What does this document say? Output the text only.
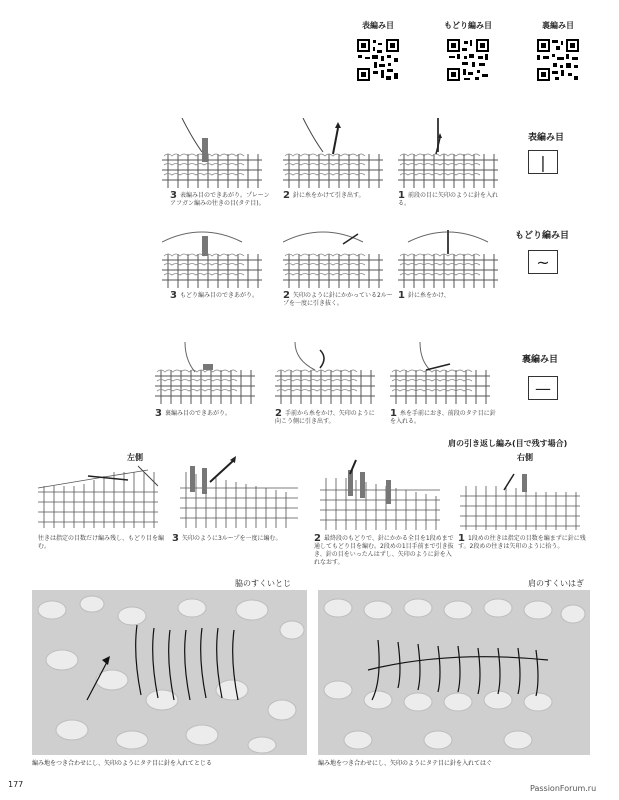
表編み目	もどり編み目	裏編み目
表編み目
|
3 表編み目のできあがり。プレーンアフガン編みの往きの目(タテ目)。
2 針に糸をかけて引き出す。	1 前段の目に矢印のように針を入れる。
もどり編み目
~
3 もどり編み目のできあがり。	2 矢印のように針にかかっている2ループを一度に引き抜く。
1 針に糸をかけ、
裏編み目
—
3 裏編み目のできあがり。	2 手前から糸をかけ、矢印のように向こう側に引き出す。
1 糸を手前におき、前段のタテ目に針を入れる。
肩の引き返し編み(目で残す場合)
左側	右側
往きは指定の目数だけ編み残し、もどり目を編む。
3 矢印のように3ループを一度に編む。	2 最終段のもどりで、針にかかる全目を1段めまで通してもどり目を編む。2段めの1目手前まで引き抜き、針の目をいったんはずし、矢印のように針を入れなおす。
1 1段めの往きは指定の目数を編まずに針に残す。2段めの往きは矢印のように拾う。
脇のすくいとじ	肩のすくいはぎ
編み地をつき合わせにし、矢印のようにタテ目に針を入れてとじる	編み地をつき合わせにし、矢印のようにタテ目に針を入れてはぐ
177	PassionForum.ru
